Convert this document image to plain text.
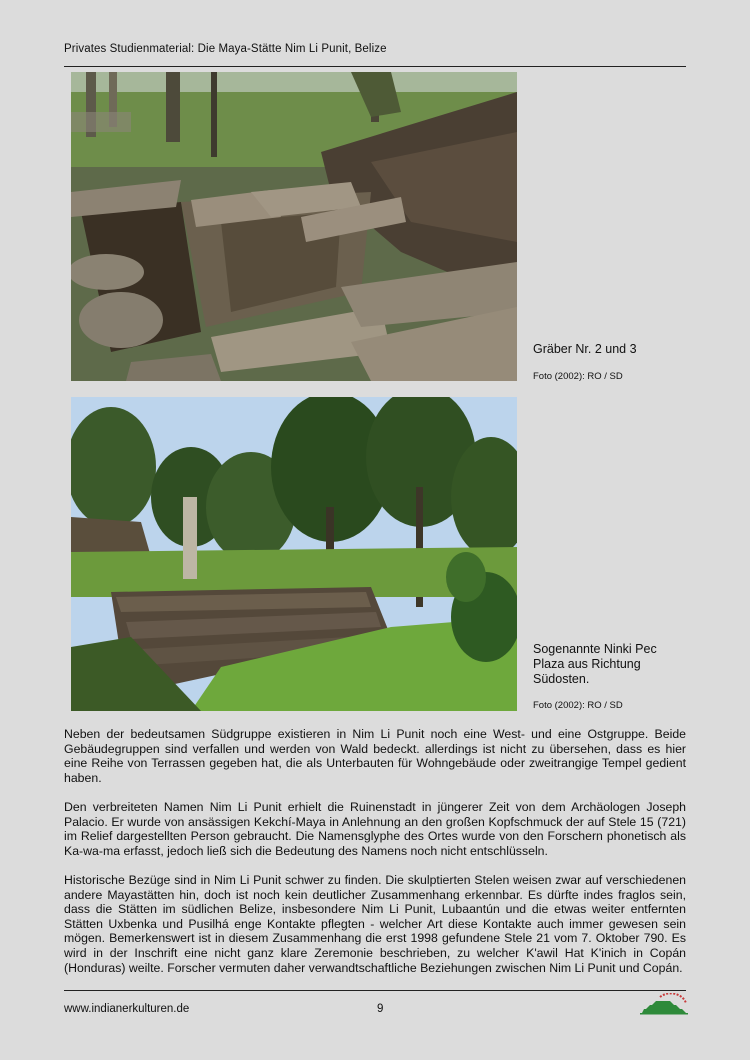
Privates Studienmaterial: Die Maya-Stätte Nim Li Punit, Belize
Gräber Nr. 2 und 3
Foto (2002): RO / SD
Sogenannte Ninki Pec Plaza aus Richtung Südosten.
Foto (2002): RO / SD

Neben der bedeutsamen Südgruppe existieren in Nim Li Punit noch eine West- und eine Ostgruppe. Beide Gebäudegruppen sind verfallen und werden von Wald bedeckt. allerdings ist nicht zu übersehen, dass es hier eine Reihe von Terrassen gegeben hat, die als Unterbauten für Wohngebäude oder zweitrangige Tempel gedient haben.

Den verbreiteten Namen Nim Li Punit erhielt die Ruinenstadt in jüngerer Zeit von dem Archäologen Joseph Palacio. Er wurde von ansässigen Kekchí-Maya in Anlehnung an den großen Kopfschmuck der auf Stele 15 (721) im Relief dargestellten Person gebraucht. Die Namensglyphe des Ortes wurde von den Forschern phonetisch als Ka-wa-ma erfasst, jedoch ließ sich die Bedeutung des Namens noch nicht entschlüsseln.

Historische Bezüge sind in Nim Li Punit schwer zu finden. Die skulptierten Stelen weisen zwar auf verschiedenen andere Mayastätten hin, doch ist noch kein deutlicher Zusammenhang erkennbar. Es dürfte indes fraglos sein, dass die Stätten im südlichen Belize, insbesondere Nim Li Punit, Lubaantún und die etwas weiter entfernten Stätten Uxbenka und Pusilhá enge Kontakte pflegten - welcher Art diese Kontakte auch immer gewesen sein mögen. Bemerkenswert ist in diesem Zusammenhang die erst 1998 gefundene Stele 21 vom 7. Oktober 790. Es wird in der Inschrift eine nicht ganz klare Zeremonie beschrieben, zu welcher K'awil Hat K'inich in Copán (Honduras) weilte. Forscher vermuten daher verwandtschaftliche Beziehungen zwischen Nim Li Punit und Copán.

www.indianerkulturen.de	9
